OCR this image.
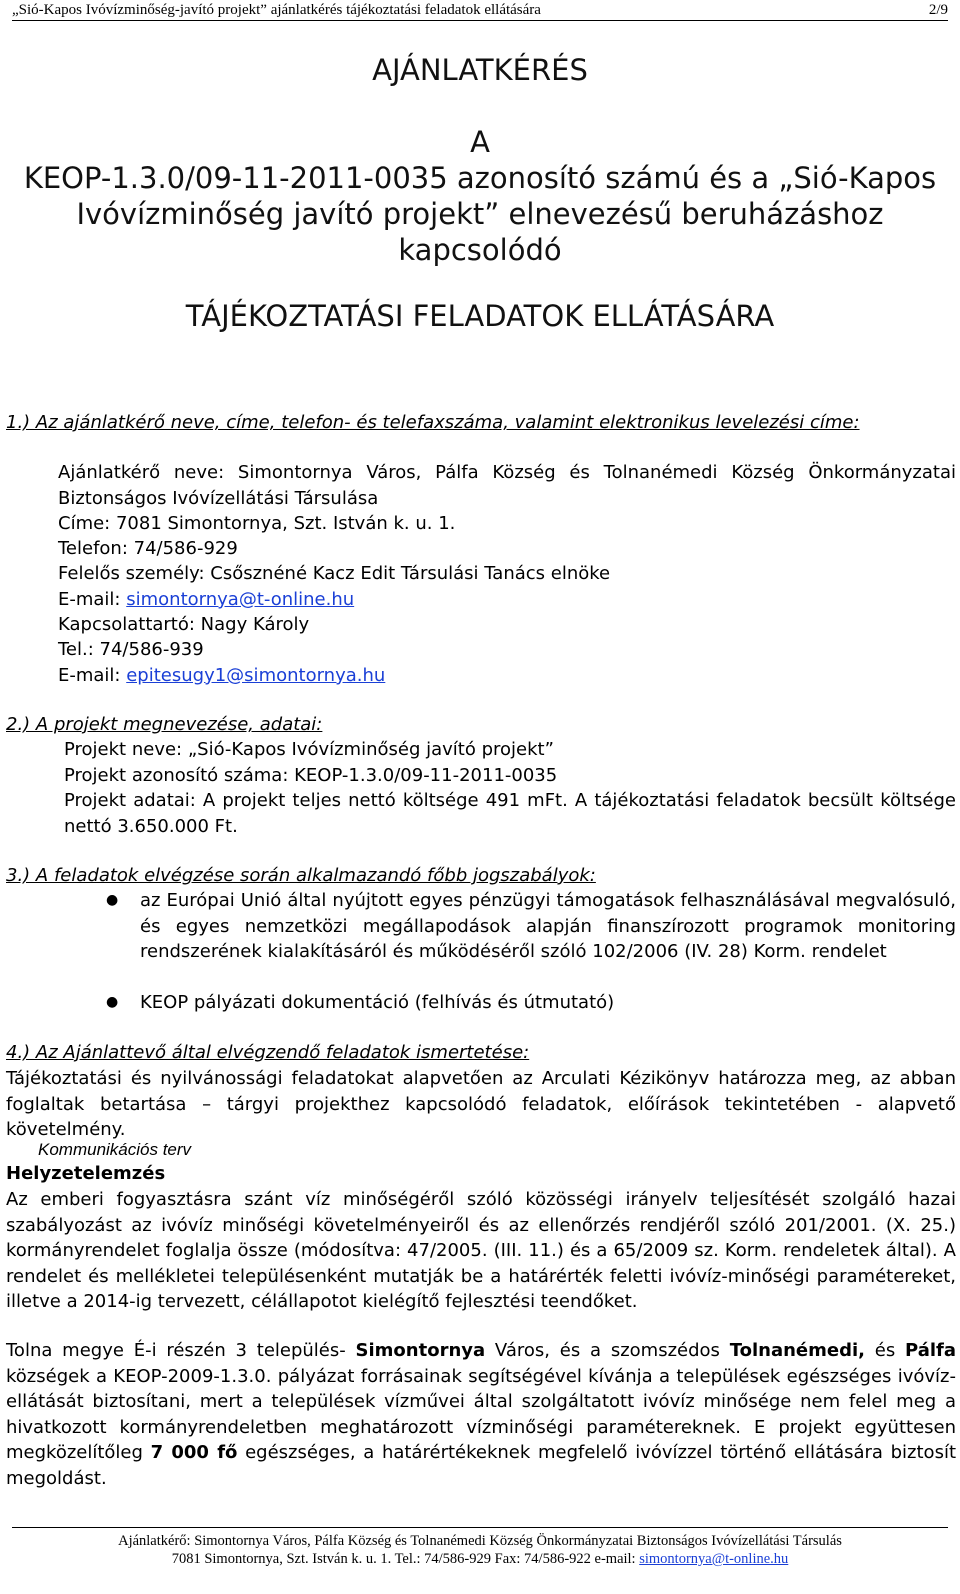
„Sió-Kapos Ivóvízminőség-javító projekt” ajánlatkérés tájékoztatási feladatok ellátására	2/9
AJÁNLATKÉRÉS
A
KEOP-1.3.0/09-11-2011-0035 azonosító számú és a „Sió-Kapos
Ivóvízminőség javító projekt” elnevezésű beruházáshoz
kapcsolódó
TÁJÉKOZTATÁSI FELADATOK ELLÁTÁSÁRA
1.) Az ajánlatkérő neve, címe, telefon- és telefaxszáma, valamint elektronikus levelezési címe:
Ajánlatkérő neve: Simontornya Város, Pálfa Község és Tolnanémedi Község Önkormányzatai Biztonságos Ivóvízellátási Társulása
Címe: 7081 Simontornya, Szt. István k. u. 1.
Telefon: 74/586-929
Felelős személy: Csősznéné Kacz Edit Társulási Tanács elnöke
E-mail: simontornya@t-online.hu
Kapcsolattartó: Nagy Károly
Tel.: 74/586-939
E-mail: epitesugy1@simontornya.hu
2.) A projekt megnevezése, adatai:
Projekt neve: „Sió-Kapos Ivóvízminőség javító projekt”
Projekt azonosító száma: KEOP-1.3.0/09-11-2011-0035
Projekt adatai: A projekt teljes nettó költsége 491 mFt. A tájékoztatási feladatok becsült költsége nettó 3.650.000 Ft.
3.) A feladatok elvégzése során alkalmazandó főbb jogszabályok:
● az Európai Unió által nyújtott egyes pénzügyi támogatások felhasználásával megvalósuló, és egyes nemzetközi megállapodások alapján finanszírozott programok monitoring rendszerének kialakításáról és működéséről szóló 102/2006 (IV. 28) Korm. rendelet
● KEOP pályázati dokumentáció (felhívás és útmutató)
4.) Az Ajánlattevő által elvégzendő feladatok ismertetése:
Tájékoztatási és nyilvánossági feladatokat alapvetően az Arculati Kézikönyv határozza meg, az abban foglaltak betartása – tárgyi projekthez kapcsolódó feladatok, előírások tekintetében - alapvető követelmény.
Kommunikációs terv
Helyzetelemzés
Az emberi fogyasztásra szánt víz minőségéről szóló közösségi irányelv teljesítését szolgáló hazai szabályozást az ivóvíz minőségi követelményeiről és az ellenőrzés rendjéről szóló 201/2001. (X. 25.) kormányrendelet foglalja össze (módosítva: 47/2005. (III. 11.) és a 65/2009 sz. Korm. rendeletek által). A rendelet és mellékletei településenként mutatják be a határérték feletti ivóvíz-minőségi paramétereket, illetve a 2014-ig tervezett, célállapotot kielégítő fejlesztési teendőket.
Tolna megye É-i részén 3 település- Simontornya Város, és a szomszédos Tolnanémedi, és Pálfa községek a KEOP-2009-1.3.0. pályázat forrásainak segítségével kívánja a települések egészséges ivóvíz-ellátását biztosítani, mert a települések vízművei által szolgáltatott ivóvíz minősége nem felel meg a hivatkozott kormányrendeletben meghatározott vízminőségi paramétereknek. E projekt együttesen megközelítőleg 7 000 fő egészséges, a határértékeknek megfelelő ivóvízzel történő ellátására biztosít megoldást.
Ajánlatkérő: Simontornya Város, Pálfa Község és Tolnanémedi Község Önkormányzatai Biztonságos Ivóvízellátási Társulás
7081 Simontornya, Szt. István k. u. 1. Tel.: 74/586-929 Fax: 74/586-922 e-mail: simontornya@t-online.hu
